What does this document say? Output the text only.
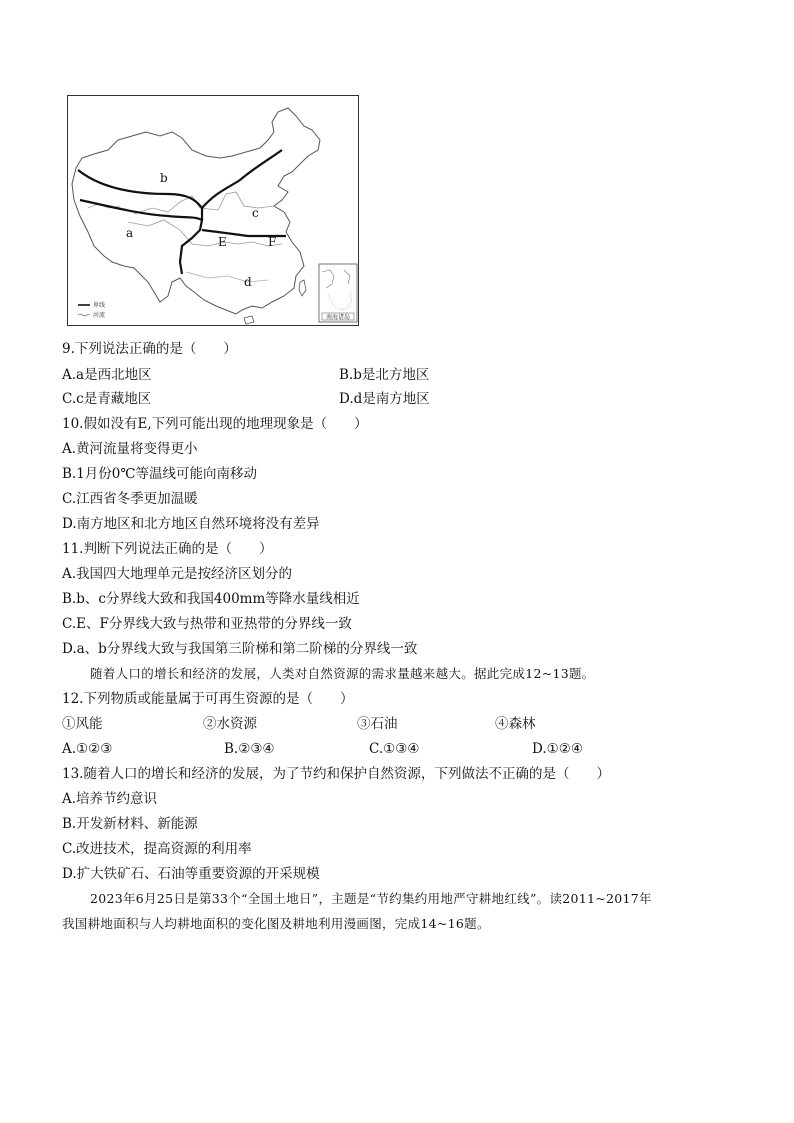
b
a
c
E	F
d
界线
河流	南海诸岛
9.下列说法正确的是（　　）
A.a是西北地区	B.b是北方地区
C.c是青藏地区	D.d是南方地区
10.假如没有E,下列可能出现的地理现象是（　　）
A.黄河流量将变得更小
B.1月份0℃等温线可能向南移动
C.江西省冬季更加温暖
D.南方地区和北方地区自然环境将没有差异
11.判断下列说法正确的是（　　）
A.我国四大地理单元是按经济区划分的
B.b、c分界线大致和我国400mm等降水量线相近
C.E、F分界线大致与热带和亚热带的分界线一致
D.a、b分界线大致与我国第三阶梯和第二阶梯的分界线一致
随着人口的增长和经济的发展，人类对自然资源的需求量越来越大。据此完成12~13题。
12.下列物质或能量属于可再生资源的是（　　）
①风能	②水资源	③石油	④森林
A.①②③	B.②③④	C.①③④	D.①②④
13.随着人口的增长和经济的发展，为了节约和保护自然资源，下列做法不正确的是（　　）
A.培养节约意识
B.开发新材料、新能源
C.改进技术，提高资源的利用率
D.扩大铁矿石、石油等重要资源的开采规模
2023年6月25日是第33个“全国土地日”，主题是“节约集约用地严守耕地红线”。读2011~2017年
我国耕地面积与人均耕地面积的变化图及耕地利用漫画图，完成14~16题。
